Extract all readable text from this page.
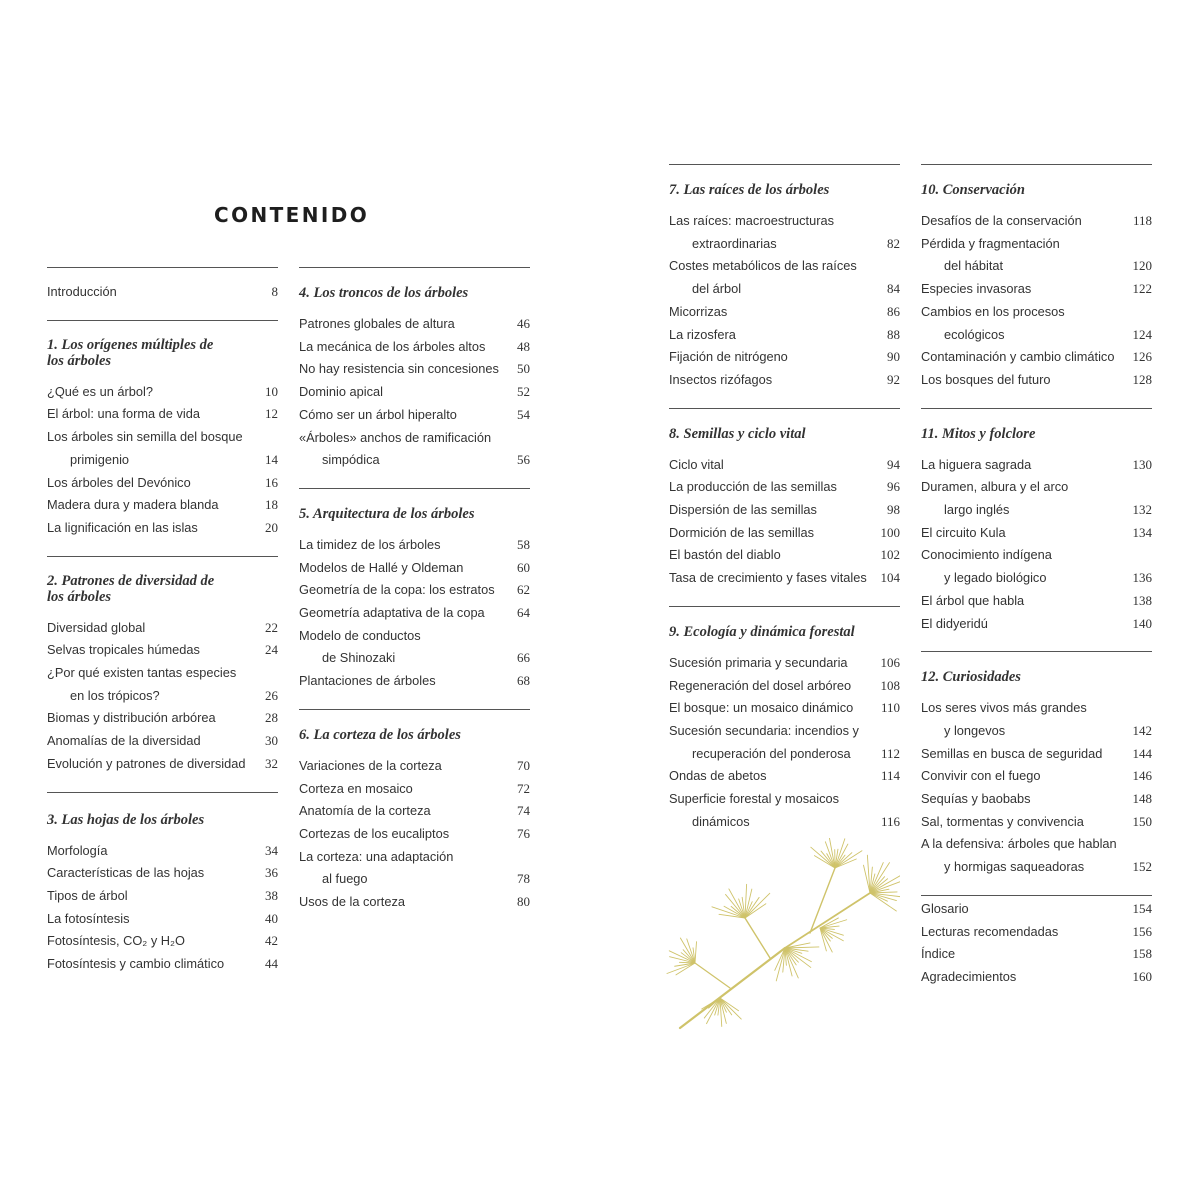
CONTENIDO
Introducción	8
1. Los orígenes múltiples de los árboles
¿Qué es un árbol?	10
El árbol: una forma de vida	12
Los árboles sin semilla del bosque
primigenio	14
Los árboles del Devónico	16
Madera dura y madera blanda	18
La lignificación en las islas	20
2. Patrones de diversidad de los árboles
Diversidad global	22
Selvas tropicales húmedas	24
¿Por qué existen tantas especies
en los trópicos?	26
Biomas y distribución arbórea	28
Anomalías de la diversidad	30
Evolución y patrones de diversidad	32
3. Las hojas de los árboles
Morfología	34
Características de las hojas	36
Tipos de árbol	38
La fotosíntesis	40
Fotosíntesis, CO₂ y H₂O	42
Fotosíntesis y cambio climático	44
4. Los troncos de los árboles
Patrones globales de altura	46
La mecánica de los árboles altos	48
No hay resistencia sin concesiones	50
Dominio apical	52
Cómo ser un árbol hiperalto	54
«Árboles» anchos de ramificación
simpódica	56
5. Arquitectura de los árboles
La timidez de los árboles	58
Modelos de Hallé y Oldeman	60
Geometría de la copa: los estratos	62
Geometría adaptativa de la copa	64
Modelo de conductos
de Shinozaki	66
Plantaciones de árboles	68
6. La corteza de los árboles
Variaciones de la corteza	70
Corteza en mosaico	72
Anatomía de la corteza	74
Cortezas de los eucaliptos	76
La corteza: una adaptación
al fuego	78
Usos de la corteza	80
7. Las raíces de los árboles
Las raíces: macroestructuras
extraordinarias	82
Costes metabólicos de las raíces
del árbol	84
Micorrizas	86
La rizosfera	88
Fijación de nitrógeno	90
Insectos rizófagos	92
8. Semillas y ciclo vital
Ciclo vital	94
La producción de las semillas	96
Dispersión de las semillas	98
Dormición de las semillas	100
El bastón del diablo	102
Tasa de crecimiento y fases vitales	104
9. Ecología y dinámica forestal
Sucesión primaria y secundaria	106
Regeneración del dosel arbóreo	108
El bosque: un mosaico dinámico	110
Sucesión secundaria: incendios y
recuperación del ponderosa	112
Ondas de abetos	114
Superficie forestal y mosaicos
dinámicos	116
10. Conservación
Desafíos de la conservación	118
Pérdida y fragmentación
del hábitat	120
Especies invasoras	122
Cambios en los procesos
ecológicos	124
Contaminación y cambio climático	126
Los bosques del futuro	128
11. Mitos y folclore
La higuera sagrada	130
Duramen, albura y el arco
largo inglés	132
El circuito Kula	134
Conocimiento indígena
y legado biológico	136
El árbol que habla	138
El didyeridú	140
12. Curiosidades
Los seres vivos más grandes
y longevos	142
Semillas en busca de seguridad	144
Convivir con el fuego	146
Sequías y baobabs	148
Sal, tormentas y convivencia	150
A la defensiva: árboles que hablan
y hormigas saqueadoras	152
Glosario	154
Lecturas recomendadas	156
Índice	158
Agradecimientos	160
